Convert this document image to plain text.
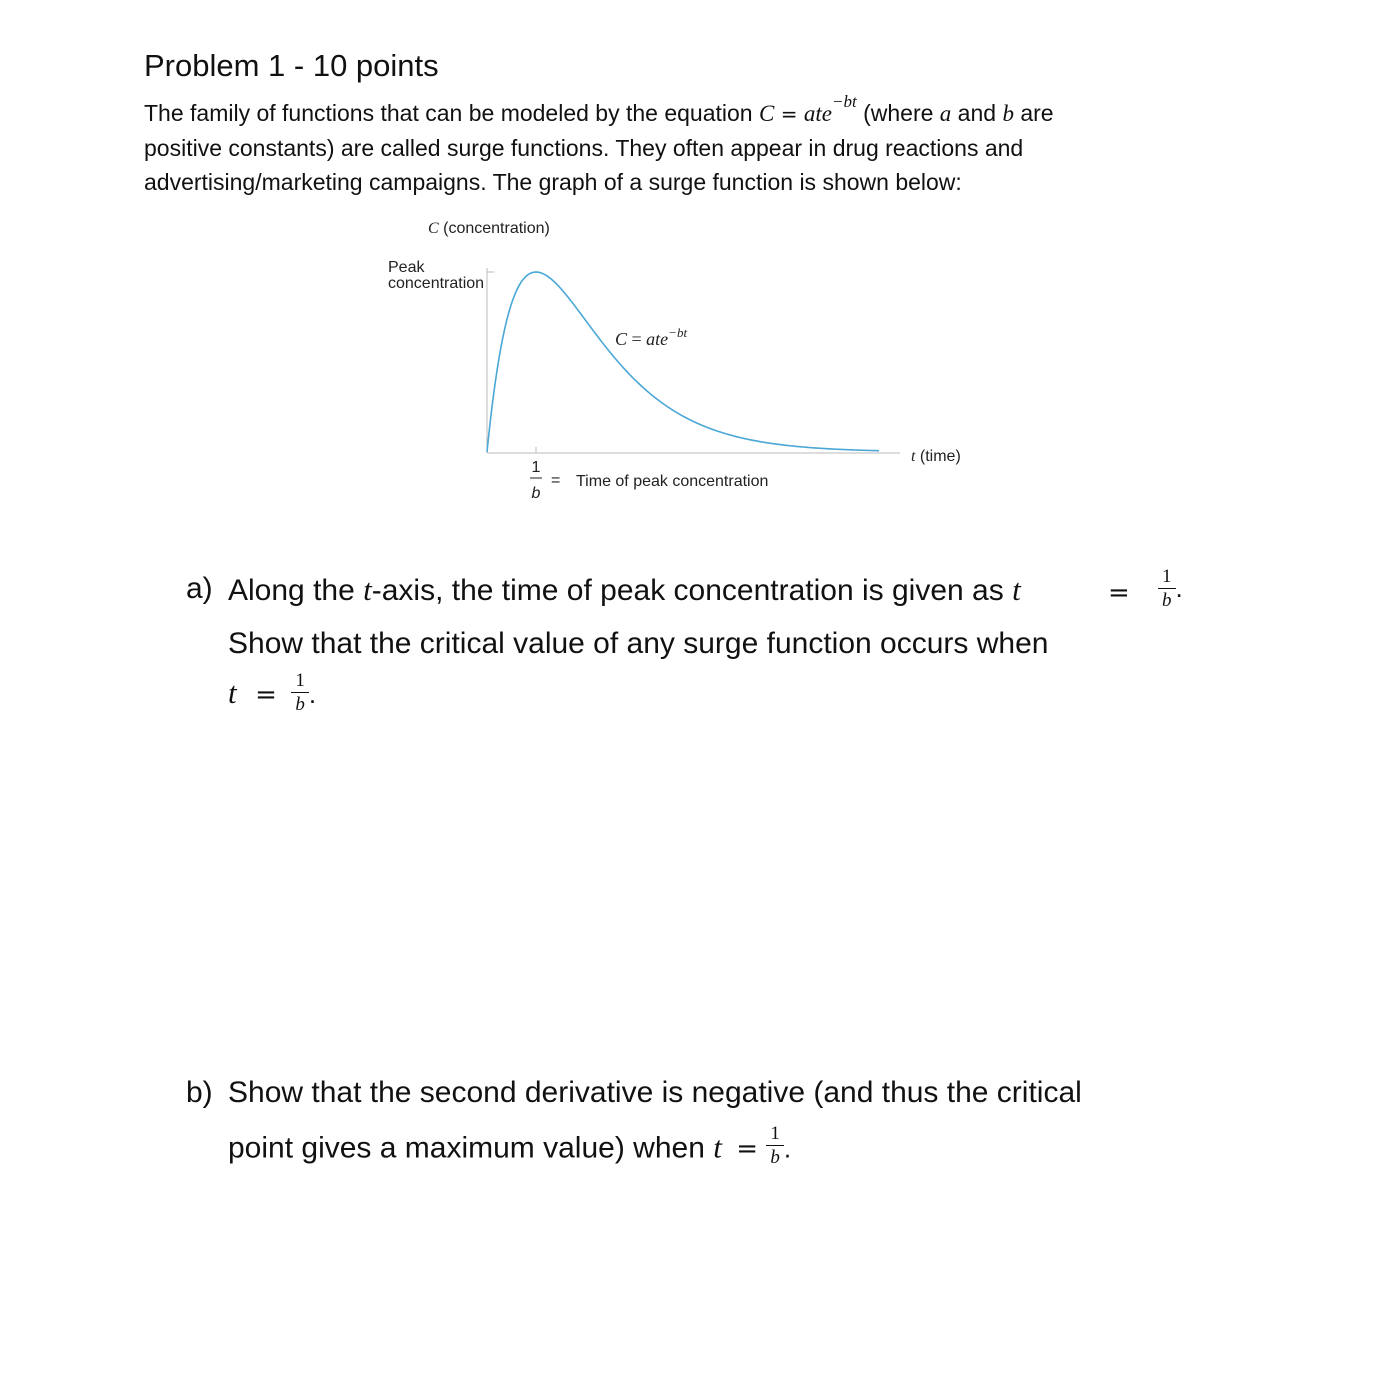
Problem 1 - 10 points
The family of functions that can be modeled by the equation C = ate$^{-bt}$ (where a and b are
positive constants) are called surge functions. They often appear in drug reactions and
advertising/marketing campaigns. The graph of a surge function is shown below:
C (concentration)
Peak
concentration
C = ate$^{-bt}$
t (time)
1
b
= Time of peak concentration
a) Along the t-axis, the time of peak concentration is given as t	= $\frac{1}{b}$ .
Show that the critical value of any surge function occurs when
$t = \frac{1}{b}$ .
b) Show that the second derivative is negative (and thus the critical
point gives a maximum value) when $t = \frac{1}{b}$ .
